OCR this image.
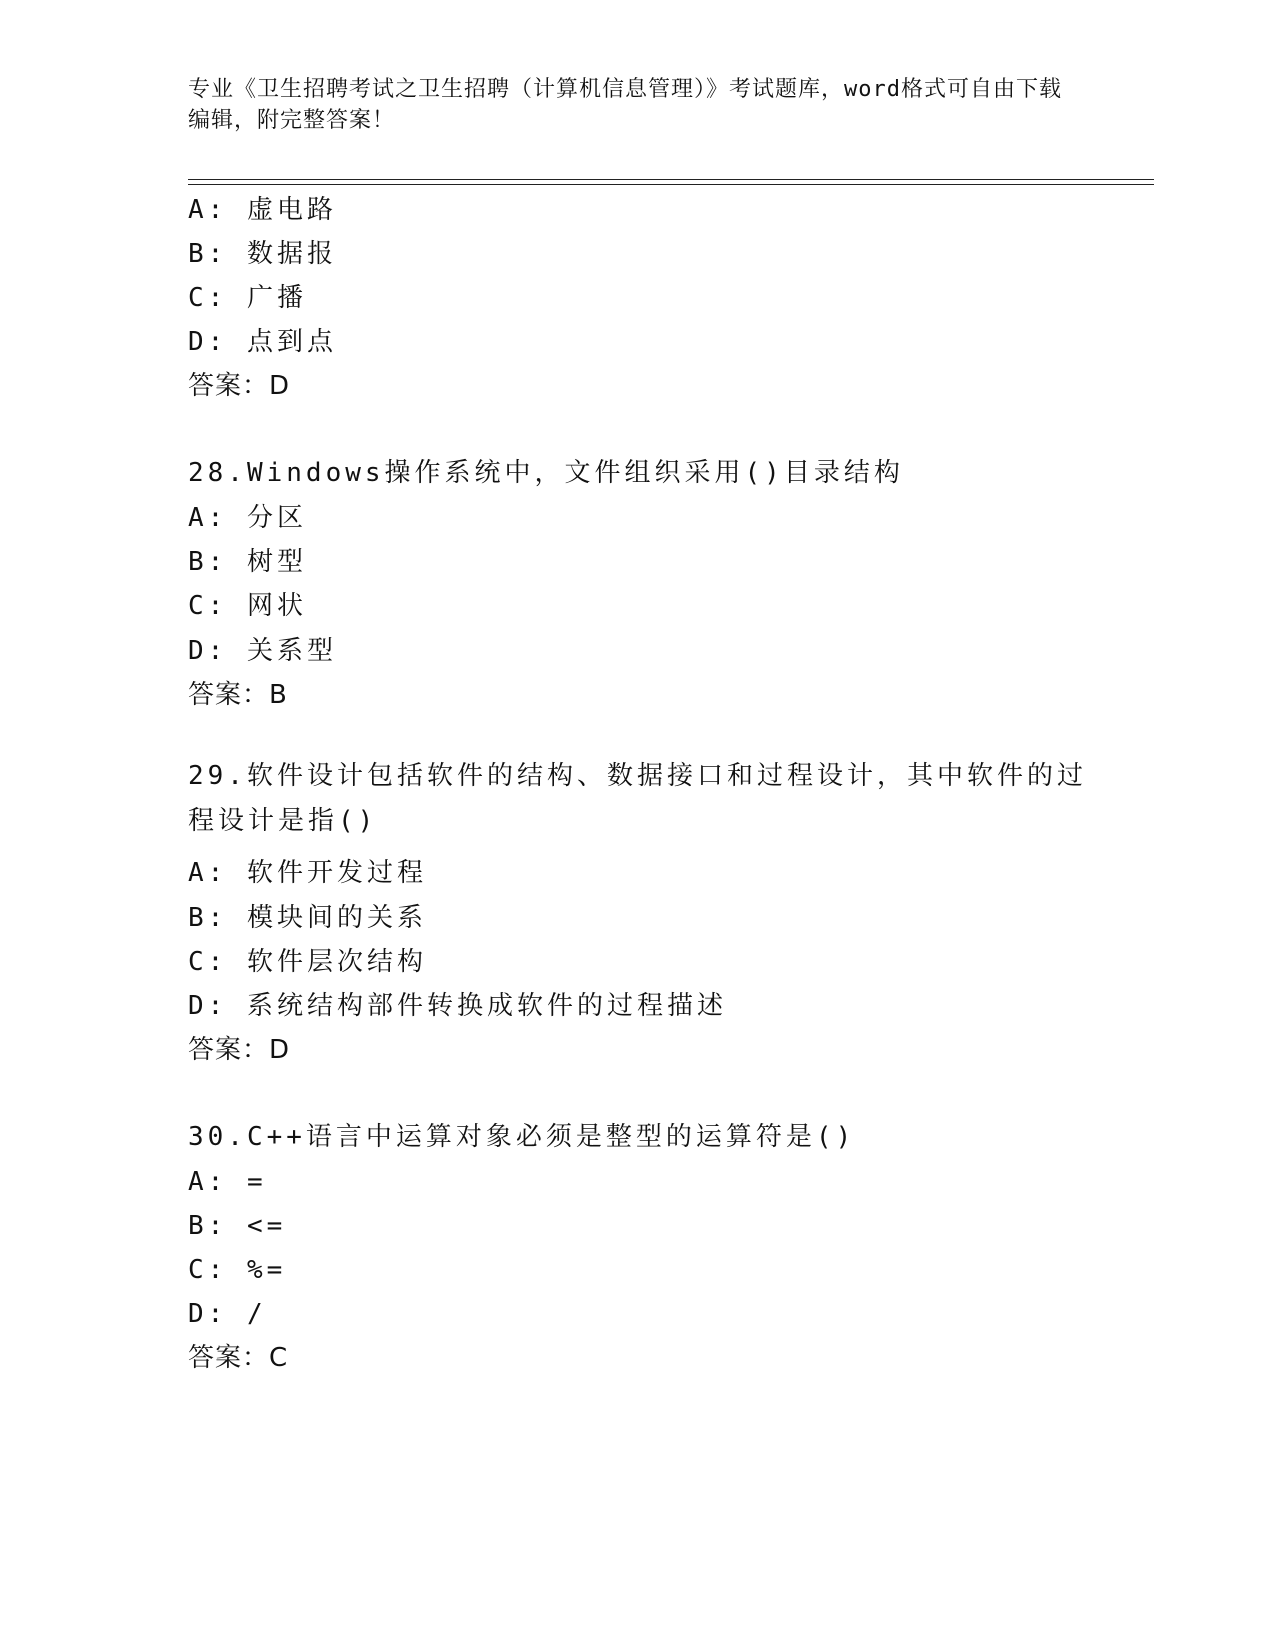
专业《卫生招聘考试之卫生招聘（计算机信息管理）》考试题库，word格式可自由下载编辑，附完整答案！
A: 虚电路
B: 数据报
C: 广播
D: 点到点
答案：D
28.Windows操作系统中，文件组织采用()目录结构
A: 分区
B: 树型
C: 网状
D: 关系型
答案：B
29.软件设计包括软件的结构、数据接口和过程设计，其中软件的过程设计是指()
A: 软件开发过程
B: 模块间的关系
C: 软件层次结构
D: 系统结构部件转换成软件的过程描述
答案：D
30.C++语言中运算对象必须是整型的运算符是()
A: =
B: <=
C: %=
D: /
答案：C
